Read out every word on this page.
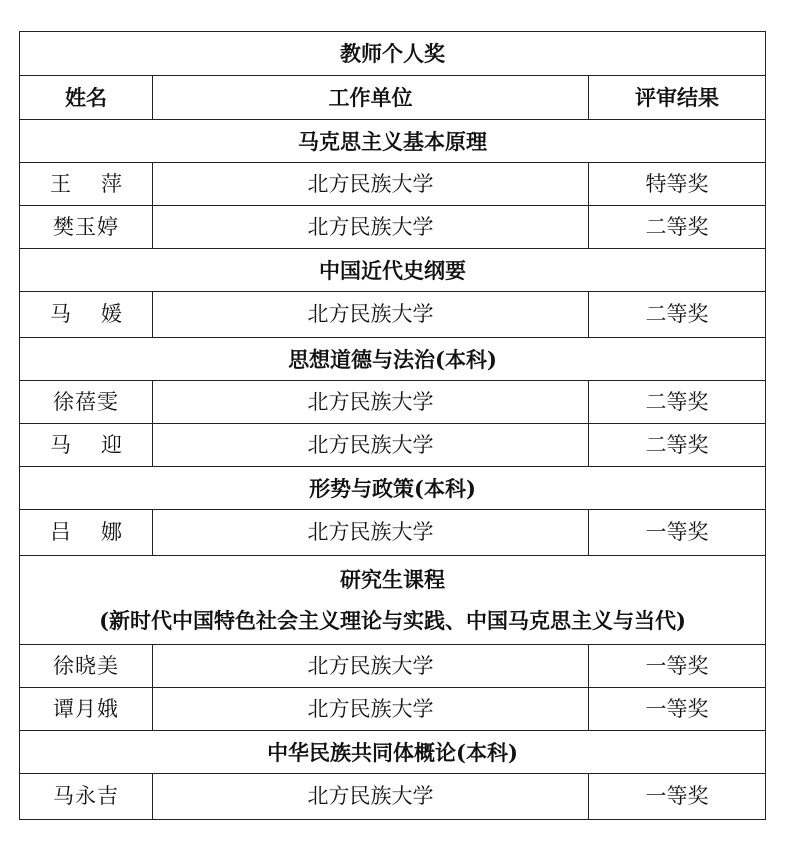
教师个人奖		
姓名	工作单位	评审结果
马克思主义基本原理		
王 萍	北方民族大学	特等奖
樊玉婷	北方民族大学	二等奖
中国近代史纲要		
马 媛	北方民族大学	二等奖
思想道德与法治(本科)		
徐蓓雯	北方民族大学	二等奖
马 迎	北方民族大学	二等奖
形势与政策(本科)		
吕 娜	北方民族大学	一等奖

研究生课程
(新时代中国特色社会主义理论与实践、中国马克思主义与当代)		

徐晓美	北方民族大学	一等奖
谭月娥	北方民族大学	一等奖
中华民族共同体概论(本科)		
马永吉	北方民族大学	一等奖
